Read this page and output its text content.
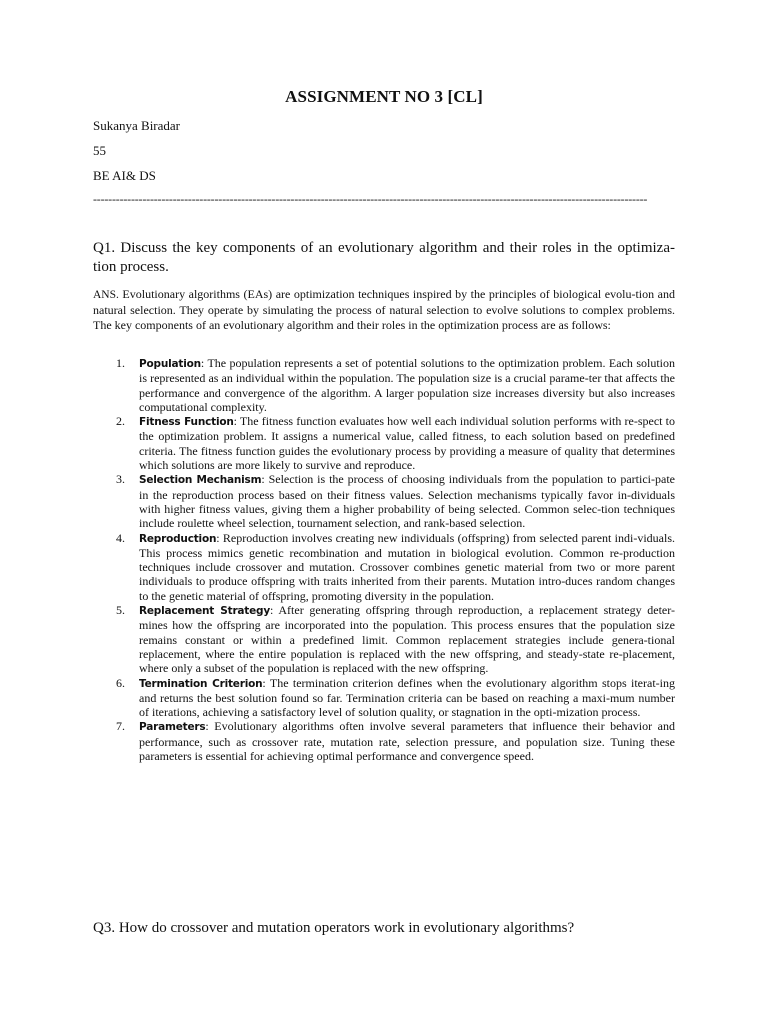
ASSIGNMENT NO 3 [CL]

Sukanya Biradar

55

BE AI& DS

--------------------------------------------------------------------------------------------------------------------------------------------------

Q1. Discuss the key components of an evolutionary algorithm and their roles in the optimiza-tion process.

ANS. Evolutionary algorithms (EAs) are optimization techniques inspired by the principles of biological evolu-tion and natural selection. They operate by simulating the process of natural selection to evolve solutions to complex problems. The key components of an evolutionary algorithm and their roles in the optimization process are as follows:

1. Population: The population represents a set of potential solutions to the optimization problem. Each solution is represented as an individual within the population. The population size is a crucial parame-ter that affects the performance and convergence of the algorithm. A larger population size increases diversity but also increases computational complexity.
2. Fitness Function: The fitness function evaluates how well each individual solution performs with re-spect to the optimization problem. It assigns a numerical value, called fitness, to each solution based on predefined criteria. The fitness function guides the evolutionary process by providing a measure of quality that determines which solutions are more likely to survive and reproduce.
3. Selection Mechanism: Selection is the process of choosing individuals from the population to partici-pate in the reproduction process based on their fitness values. Selection mechanisms typically favor in-dividuals with higher fitness values, giving them a higher probability of being selected. Common selec-tion techniques include roulette wheel selection, tournament selection, and rank-based selection.
4. Reproduction: Reproduction involves creating new individuals (offspring) from selected parent indi-viduals. This process mimics genetic recombination and mutation in biological evolution. Common re-production techniques include crossover and mutation. Crossover combines genetic material from two or more parent individuals to produce offspring with traits inherited from their parents. Mutation intro-duces random changes to the genetic material of offspring, promoting diversity in the population.
5. Replacement Strategy: After generating offspring through reproduction, a replacement strategy deter-mines how the offspring are incorporated into the population. This process ensures that the population size remains constant or within a predefined limit. Common replacement strategies include genera-tional replacement, where the entire population is replaced with the new offspring, and steady-state re-placement, where only a subset of the population is replaced with the new offspring.
6. Termination Criterion: The termination criterion defines when the evolutionary algorithm stops iterat-ing and returns the best solution found so far. Termination criteria can be based on reaching a maxi-mum number of iterations, achieving a satisfactory level of solution quality, or stagnation in the opti-mization process.
7. Parameters: Evolutionary algorithms often involve several parameters that influence their behavior and performance, such as crossover rate, mutation rate, selection pressure, and population size. Tuning these parameters is essential for achieving optimal performance and convergence speed.

Q3. How do crossover and mutation operators work in evolutionary algorithms?
